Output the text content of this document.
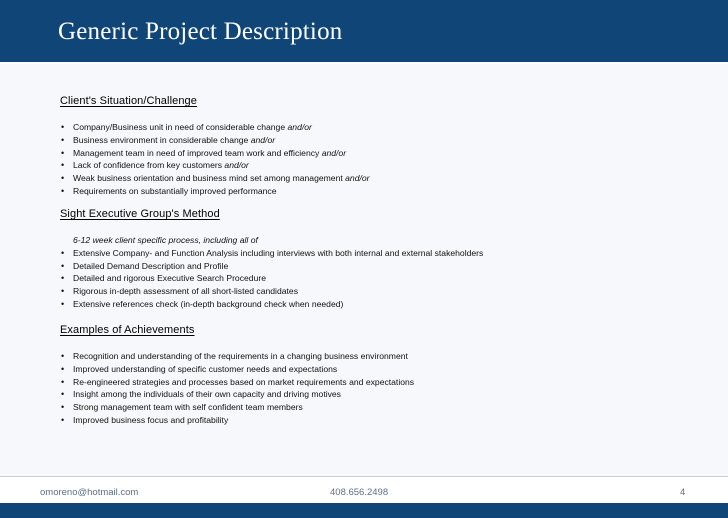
Generic Project Description
Client's Situation/Challenge
• Company/Business unit in need of considerable change and/or
• Business environment in considerable change and/or
• Management team in need of improved team work and efficiency and/or
• Lack of confidence from key customers and/or
• Weak business orientation and business mind set among management and/or
• Requirements on substantially improved performance
Sight Executive Group's Method
6-12 week client specific process, including all of
• Extensive Company- and Function Analysis including interviews with both internal and external stakeholders
• Detailed Demand Description and Profile
• Detailed and rigorous Executive Search Procedure
• Rigorous in-depth assessment of all short-listed candidates
• Extensive references check (in-depth background check when needed)
Examples of Achievements
• Recognition and understanding of the requirements in a changing business environment
• Improved understanding of specific customer needs and expectations
• Re-engineered strategies and processes based on market requirements and expectations
• Insight among the individuals of their own capacity and driving motives
• Strong management team with self confident team members
• Improved business focus and profitability
omoreno@hotmail.com	408.656.2498	4
